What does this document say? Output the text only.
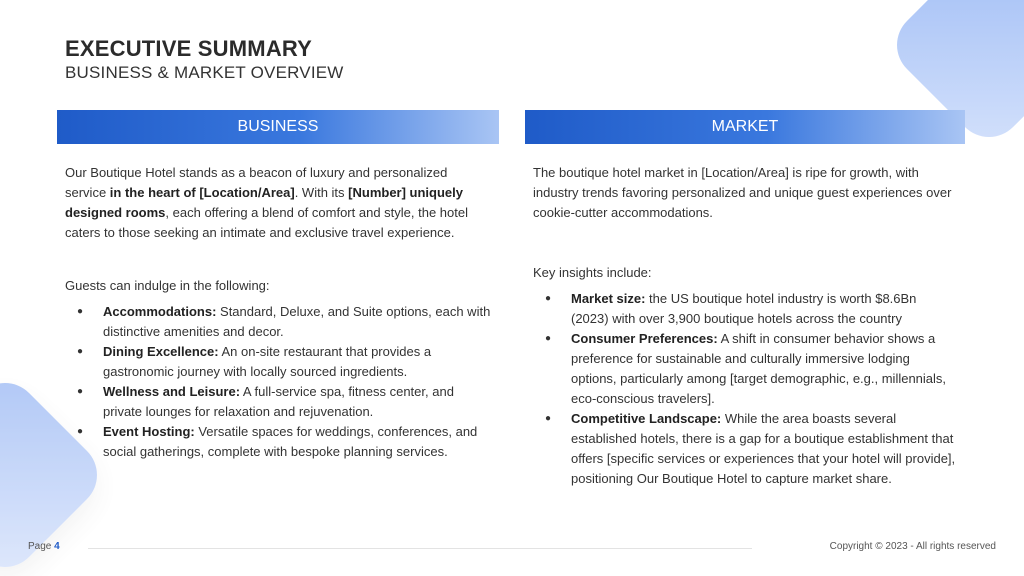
EXECUTIVE SUMMARY
BUSINESS & MARKET OVERVIEW
BUSINESS

Our Boutique Hotel stands as a beacon of luxury and personalized service in the heart of [Location/Area]. With its [Number] uniquely designed rooms, each offering a blend of comfort and style, the hotel caters to those seeking an intimate and exclusive travel experience.

Guests can indulge in the following:

● Accommodations: Standard, Deluxe, and Suite options, each with distinctive amenities and decor.
● Dining Excellence: An on-site restaurant that provides a gastronomic journey with locally sourced ingredients.
● Wellness and Leisure: A full-service spa, fitness center, and private lounges for relaxation and rejuvenation.
● Event Hosting: Versatile spaces for weddings, conferences, and social gatherings, complete with bespoke planning services.
MARKET

The boutique hotel market in [Location/Area] is ripe for growth, with industry trends favoring personalized and unique guest experiences over cookie-cutter accommodations.

Key insights include:

● Market size: the US boutique hotel industry is worth $8.6Bn (2023) with over 3,900 boutique hotels across the country
● Consumer Preferences: A shift in consumer behavior shows a preference for sustainable and culturally immersive lodging options, particularly among [target demographic, e.g., millennials, eco-conscious travelers].
● Competitive Landscape: While the area boasts several established hotels, there is a gap for a boutique establishment that offers [specific services or experiences that your hotel will provide], positioning Our Boutique Hotel to capture market share.
Page 4	Copyright © 2023 - All rights reserved
